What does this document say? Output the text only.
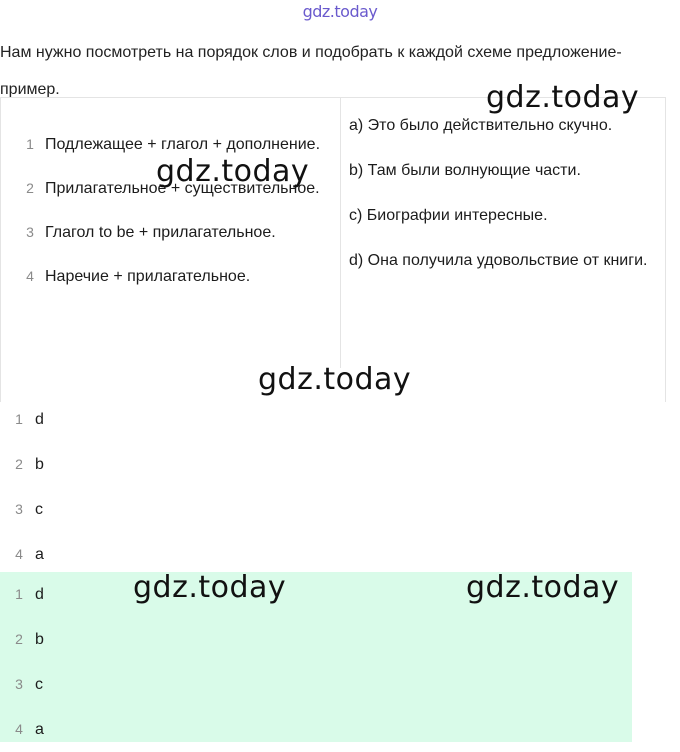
gdz.today
Нам нужно посмотреть на порядок слов и подобрать к каждой схеме предложение-пример.
1 Подлежащее + глагол + дополнение.
2 Прилагательное + существительное.
3 Глагол to be + прилагательное.
4 Наречие + прилагательное.
a) Это было действительно скучно.
b) Там были волнующие части.
c) Биографии интересные.
d) Она получила удовольствие от книги.
1 d
2 b
3 c
4 a
1 d
2 b
3 c
4 a
gdz.today
gdz.today
gdz.today
gdz.today	gdz.today
